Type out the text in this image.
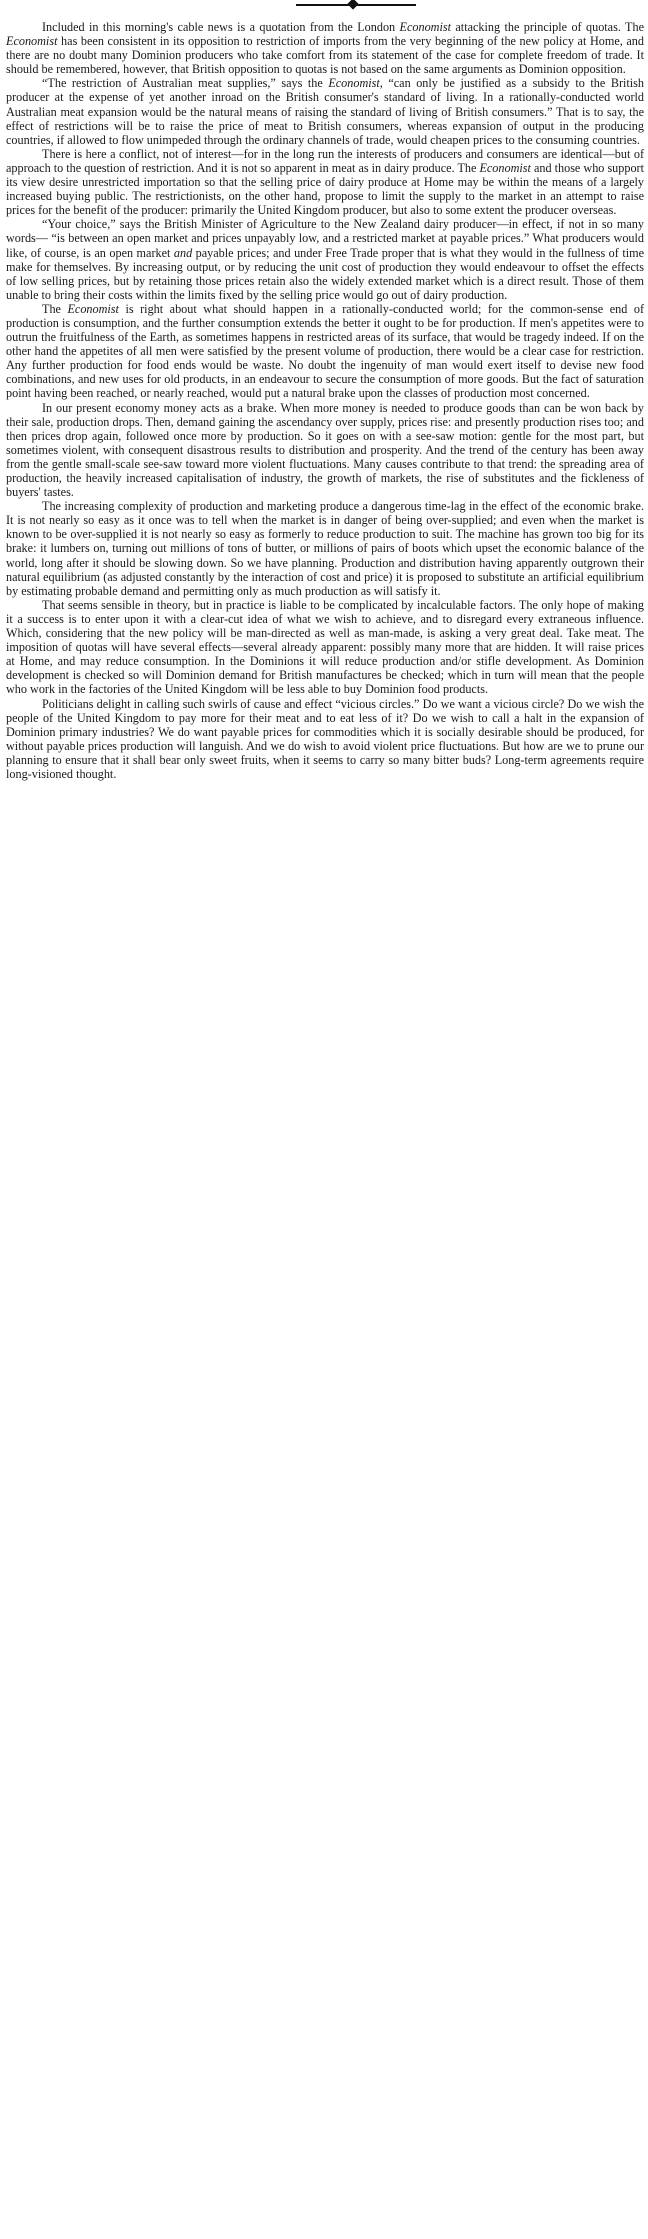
Included in this morning's cable news is a quotation from the London Economist attacking the principle of quotas. The Economist has been consistent in its opposition to restriction of imports from the very beginning of the new policy at Home, and there are no doubt many Dominion producers who take comfort from its statement of the case for complete freedom of trade. It should be remembered, however, that British opposition to quotas is not based on the same arguments as Dominion opposition.

“The restriction of Australian meat supplies,” says the Economist, “can only be justified as a subsidy to the British producer at the expense of yet another inroad on the British consumer's standard of living. In a rationally-conducted world Australian meat expansion would be the natural means of raising the standard of living of British consumers.” That is to say, the effect of restrictions will be to raise the price of meat to British consumers, whereas expansion of output in the producing countries, if allowed to flow unimpeded through the ordinary channels of trade, would cheapen prices to the consuming countries.

There is here a conflict, not of interest—for in the long run the interests of producers and consumers are identical—but of approach to the question of restriction. And it is not so apparent in meat as in dairy produce. The Economist and those who support its view desire unrestricted importation so that the selling price of dairy produce at Home may be within the means of a largely increased buying public. The restrictionists, on the other hand, propose to limit the supply to the market in an attempt to raise prices for the benefit of the producer: primarily the United Kingdom producer, but also to some extent the producer overseas.

“Your choice,” says the British Minister of Agriculture to the New Zealand dairy producer—in effect, if not in so many words— “is between an open market and prices unpayably low, and a restricted market at payable prices.” What producers would like, of course, is an open market and payable prices; and under Free Trade proper that is what they would in the fullness of time make for themselves. By increasing output, or by reducing the unit cost of production they would endeavour to offset the effects of low selling prices, but by retaining those prices retain also the widely extended market which is a direct result. Those of them unable to bring their costs within the limits fixed by the selling price would go out of dairy production.

The Economist is right about what should happen in a rationally-conducted world; for the common-sense end of production is consumption, and the further consumption extends the better it ought to be for production. If men's appetites were to outrun the fruitfulness of the Earth, as sometimes happens in restricted areas of its surface, that would be tragedy indeed. If on the other hand the appetites of all men were satisfied by the present volume of production, there would be a clear case for restriction. Any further production for food ends would be waste. No doubt the ingenuity of man would exert itself to devise new food combinations, and new uses for old products, in an endeavour to secure the consumption of more goods. But the fact of saturation point having been reached, or nearly reached, would put a natural brake upon the classes of production most concerned.

In our present economy money acts as a brake. When more money is needed to produce goods than can be won back by their sale, production drops. Then, demand gaining the ascendancy over supply, prices rise: and presently production rises too; and then prices drop again, followed once more by production. So it goes on with a see-saw motion: gentle for the most part, but sometimes violent, with consequent disastrous results to distribution and prosperity. And the trend of the century has been away from the gentle small-scale see-saw toward more violent fluctuations. Many causes contribute to that trend: the spreading area of production, the heavily increased capitalisation of industry, the growth of markets, the rise of substitutes and the fickleness of buyers' tastes.

The increasing complexity of production and marketing produce a dangerous time-lag in the effect of the economic brake. It is not nearly so easy as it once was to tell when the market is in danger of being over-supplied; and even when the market is known to be over-supplied it is not nearly so easy as formerly to reduce production to suit. The machine has grown too big for its brake: it lumbers on, turning out millions of tons of butter, or millions of pairs of boots which upset the economic balance of the world, long after it should be slowing down. So we have planning. Production and distribution having apparently outgrown their natural equilibrium (as adjusted constantly by the interaction of cost and price) it is proposed to substitute an artificial equilibrium by estimating probable demand and permitting only as much production as will satisfy it.

That seems sensible in theory, but in practice is liable to be complicated by incalculable factors. The only hope of making it a success is to enter upon it with a clear-cut idea of what we wish to achieve, and to disregard every extraneous influence. Which, considering that the new policy will be man-directed as well as man-made, is asking a very great deal. Take meat. The imposition of quotas will have several effects—several already apparent: possibly many more that are hidden. It will raise prices at Home, and may reduce consumption. In the Dominions it will reduce production and/or stifle development. As Dominion development is checked so will Dominion demand for British manufactures be checked; which in turn will mean that the people who work in the factories of the United Kingdom will be less able to buy Dominion food products.

Politicians delight in calling such swirls of cause and effect “vicious circles.” Do we want a vicious circle? Do we wish the people of the United Kingdom to pay more for their meat and to eat less of it? Do we wish to call a halt in the expansion of Dominion primary industries? We do want payable prices for commodities which it is socially desirable should be produced, for without payable prices production will languish. And we do wish to avoid violent price fluctuations. But how are we to prune our planning to ensure that it shall bear only sweet fruits, when it seems to carry so many bitter buds? Long-term agreements require long-visioned thought.
